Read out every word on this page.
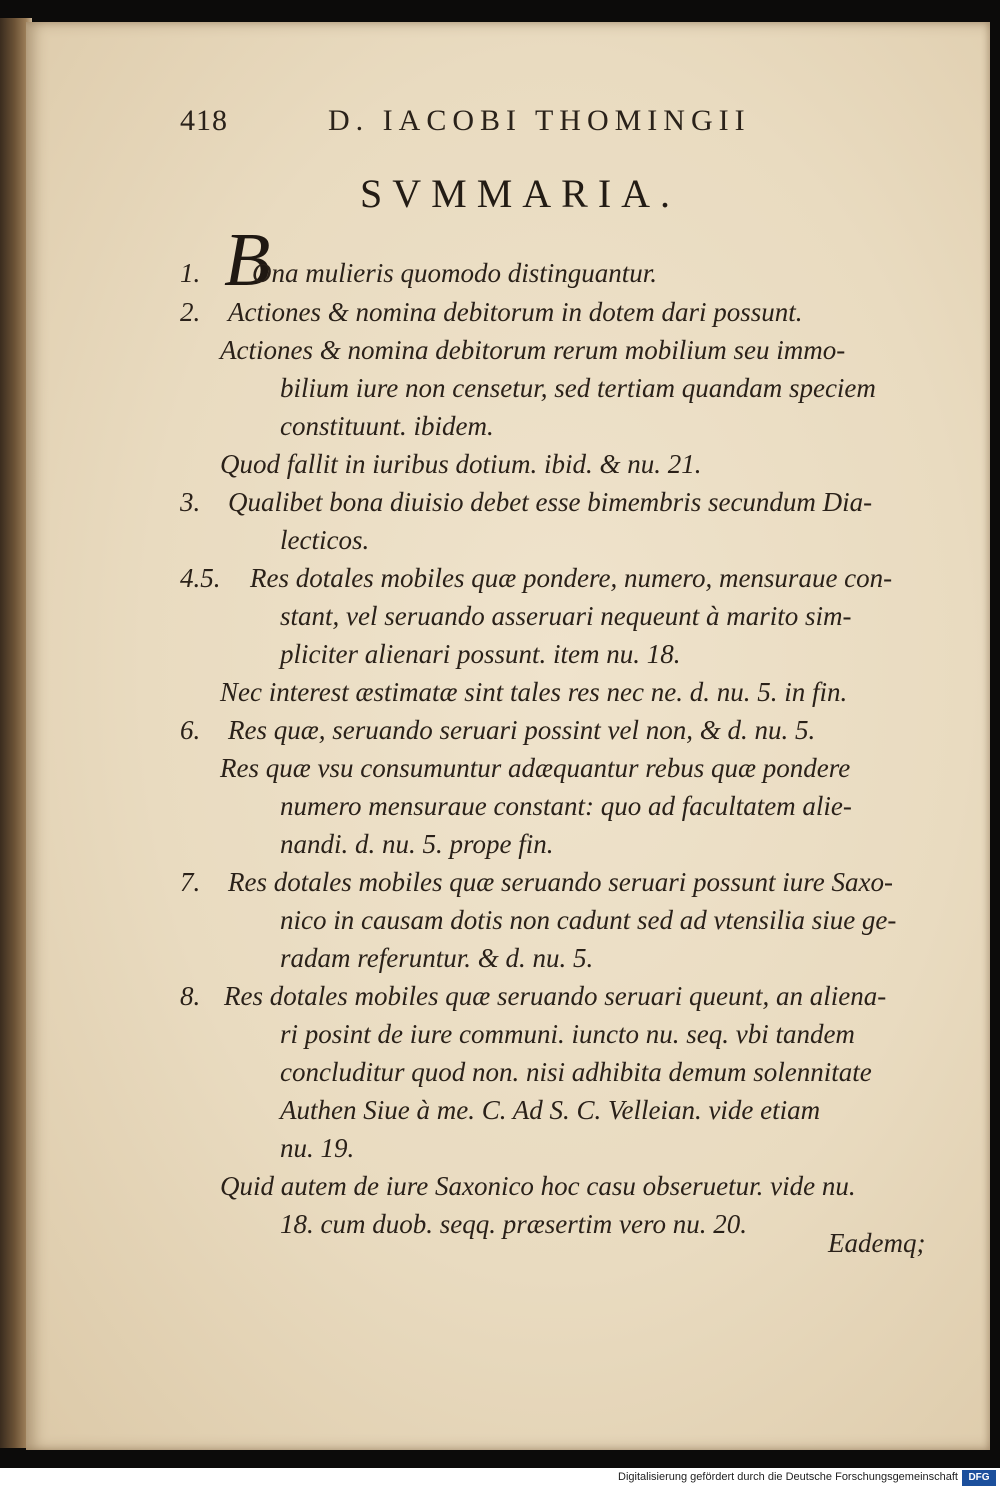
418	D. IACOBI THOMINGII
SVMMARIA.
B
1. Ona mulieris quomodo distinguantur.
2. Actiones & nomina debitorum in dotem dari possunt.
Actiones & nomina debitorum rerum mobilium seu immo-
bilium iure non censetur, sed tertiam quandam speciem
constituunt. ibidem.
Quod fallit in iuribus dotium. ibid. & nu. 21.
3. Qualibet bona diuisio debet esse bimembris secundum Dia-
lecticos.
4.5. Res dotales mobiles quæ pondere, numero, mensuraue con-
stant, vel seruando asseruari nequeunt à marito sim-
pliciter alienari possunt. item nu. 18.
Nec interest æstimatæ sint tales res nec ne. d. nu. 5. in fin.
6. Res quæ, seruando seruari possint vel non, & d. nu. 5.
Res quæ vsu consumuntur adæquantur rebus quæ pondere
numero mensuraue constant: quo ad facultatem alie-
nandi. d. nu. 5. prope fin.
7. Res dotales mobiles quæ seruando seruari possunt iure Saxo-
nico in causam dotis non cadunt sed ad vtensilia siue ge-
radam referuntur. & d. nu. 5.
8. Res dotales mobiles quæ seruando seruari queunt, an aliena-
ri posint de iure communi. iuncto nu. seq. vbi tandem
concluditur quod non. nisi adhibita demum solennitate
Authen Siue à me. C. Ad S. C. Velleian. vide etiam
nu. 19.
Quid autem de iure Saxonico hoc casu obseruetur. vide nu.
18. cum duob. seqq. præsertim vero nu. 20.
Eademq;
Digitalisierung gefördert durch die Deutsche Forschungsgemeinschaft	DFG
